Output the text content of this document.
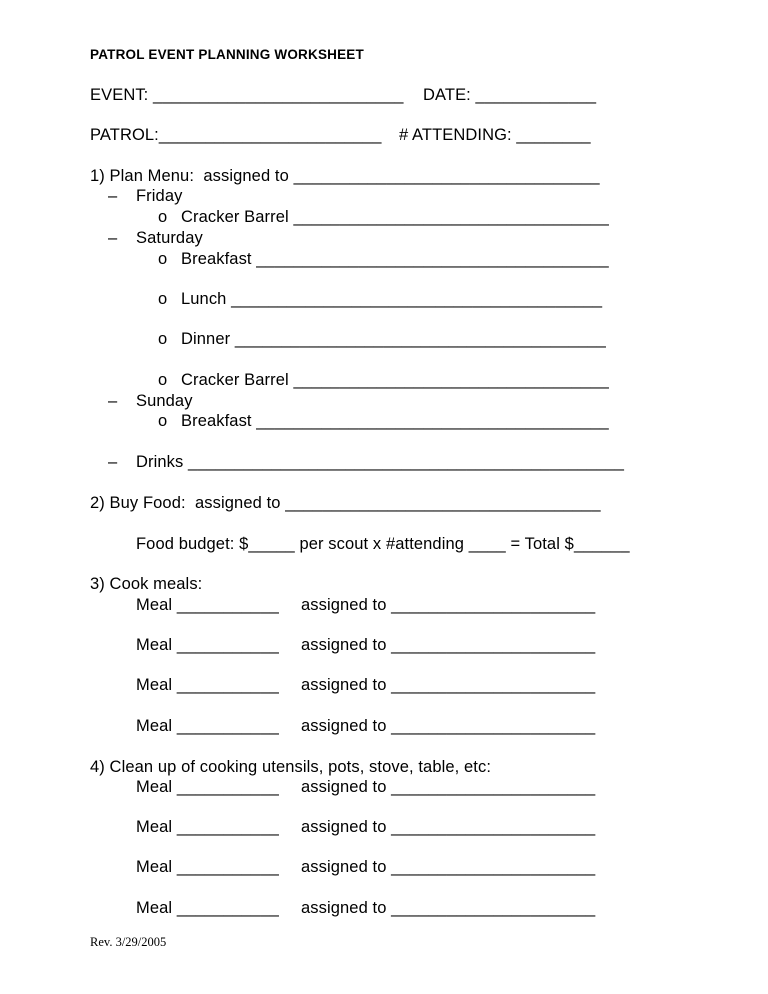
PATROL EVENT PLANNING WORKSHEET
EVENT: ___________________________ DATE: _____________
PATROL:________________________ # ATTENDING: ________
1) Plan Menu:  assigned to _________________________________
– Friday
o Cracker Barrel __________________________________
– Saturday
o Breakfast ______________________________________
o Lunch ________________________________________
o Dinner ________________________________________
o Cracker Barrel __________________________________
– Sunday
o Breakfast ______________________________________
– Drinks _______________________________________________
2) Buy Food:  assigned to __________________________________
Food budget: $_____ per scout x #attending ____ = Total $______
3) Cook meals:
Meal ___________ assigned to ______________________
Meal ___________ assigned to ______________________
Meal ___________ assigned to ______________________
Meal ___________ assigned to ______________________
4) Clean up of cooking utensils, pots, stove, table, etc:
Meal ___________ assigned to ______________________
Meal ___________ assigned to ______________________
Meal ___________ assigned to ______________________
Meal ___________ assigned to ______________________
Rev. 3/29/2005
